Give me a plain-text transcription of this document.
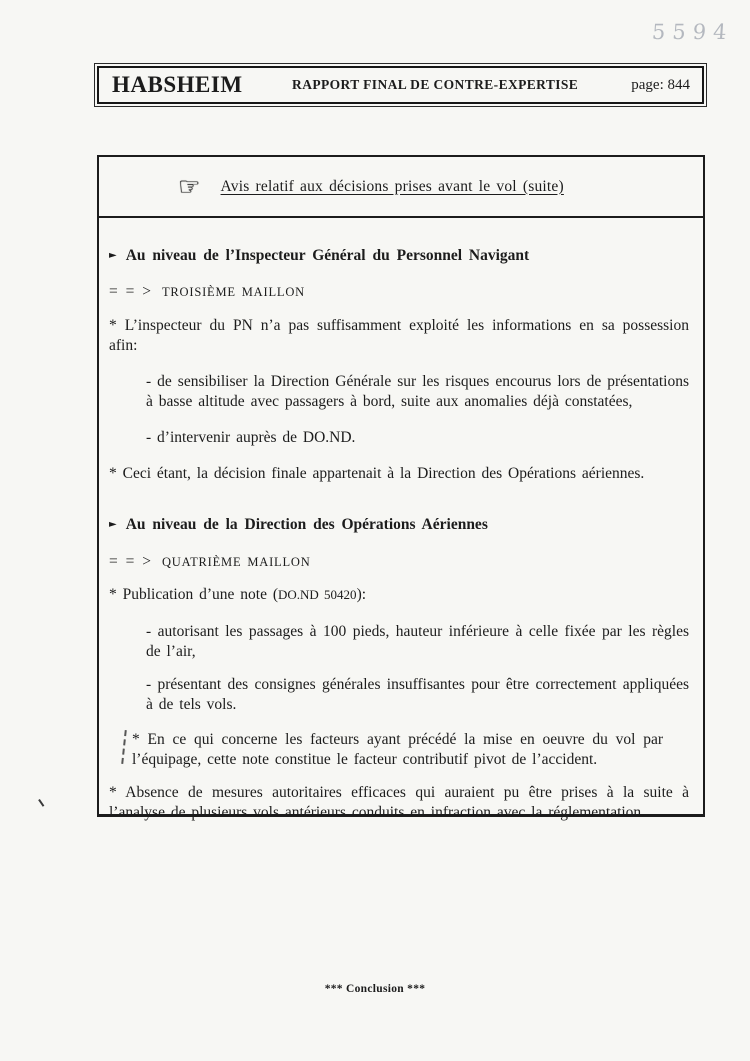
5594
HABSHEIM	RAPPORT FINAL DE CONTRE-EXPERTISE	page: 844
☞ Avis relatif aux décisions prises avant le vol (suite)

► Au niveau de l’Inspecteur Général du Personnel Navigant

= = > TROISIÈME MAILLON

* L’inspecteur du PN n’a pas suffisamment exploité les informations en sa possession afin:

- de sensibiliser la Direction Générale sur les risques encourus lors de présentations à basse altitude avec passagers à bord, suite aux anomalies déjà constatées,

- d’intervenir auprès de DO.ND.

* Ceci étant, la décision finale appartenait à la Direction des Opérations aériennes.

► Au niveau de la Direction des Opérations Aériennes

= = > QUATRIÈME MAILLON

* Publication d’une note (DO.ND 50420):

- autorisant les passages à 100 pieds, hauteur inférieure à celle fixée par les règles de l’air,

- présentant des consignes générales insuffisantes pour être correctement appliquées à de tels vols.

* En ce qui concerne les facteurs ayant précédé la mise en oeuvre du vol par l’équipage, cette note constitue le facteur contributif pivot de l’accident.

* Absence de mesures autoritaires efficaces qui auraient pu être prises à la suite à l’analyse de plusieurs vols antérieurs conduits en infraction avec la réglementation.

*** Conclusion ***
